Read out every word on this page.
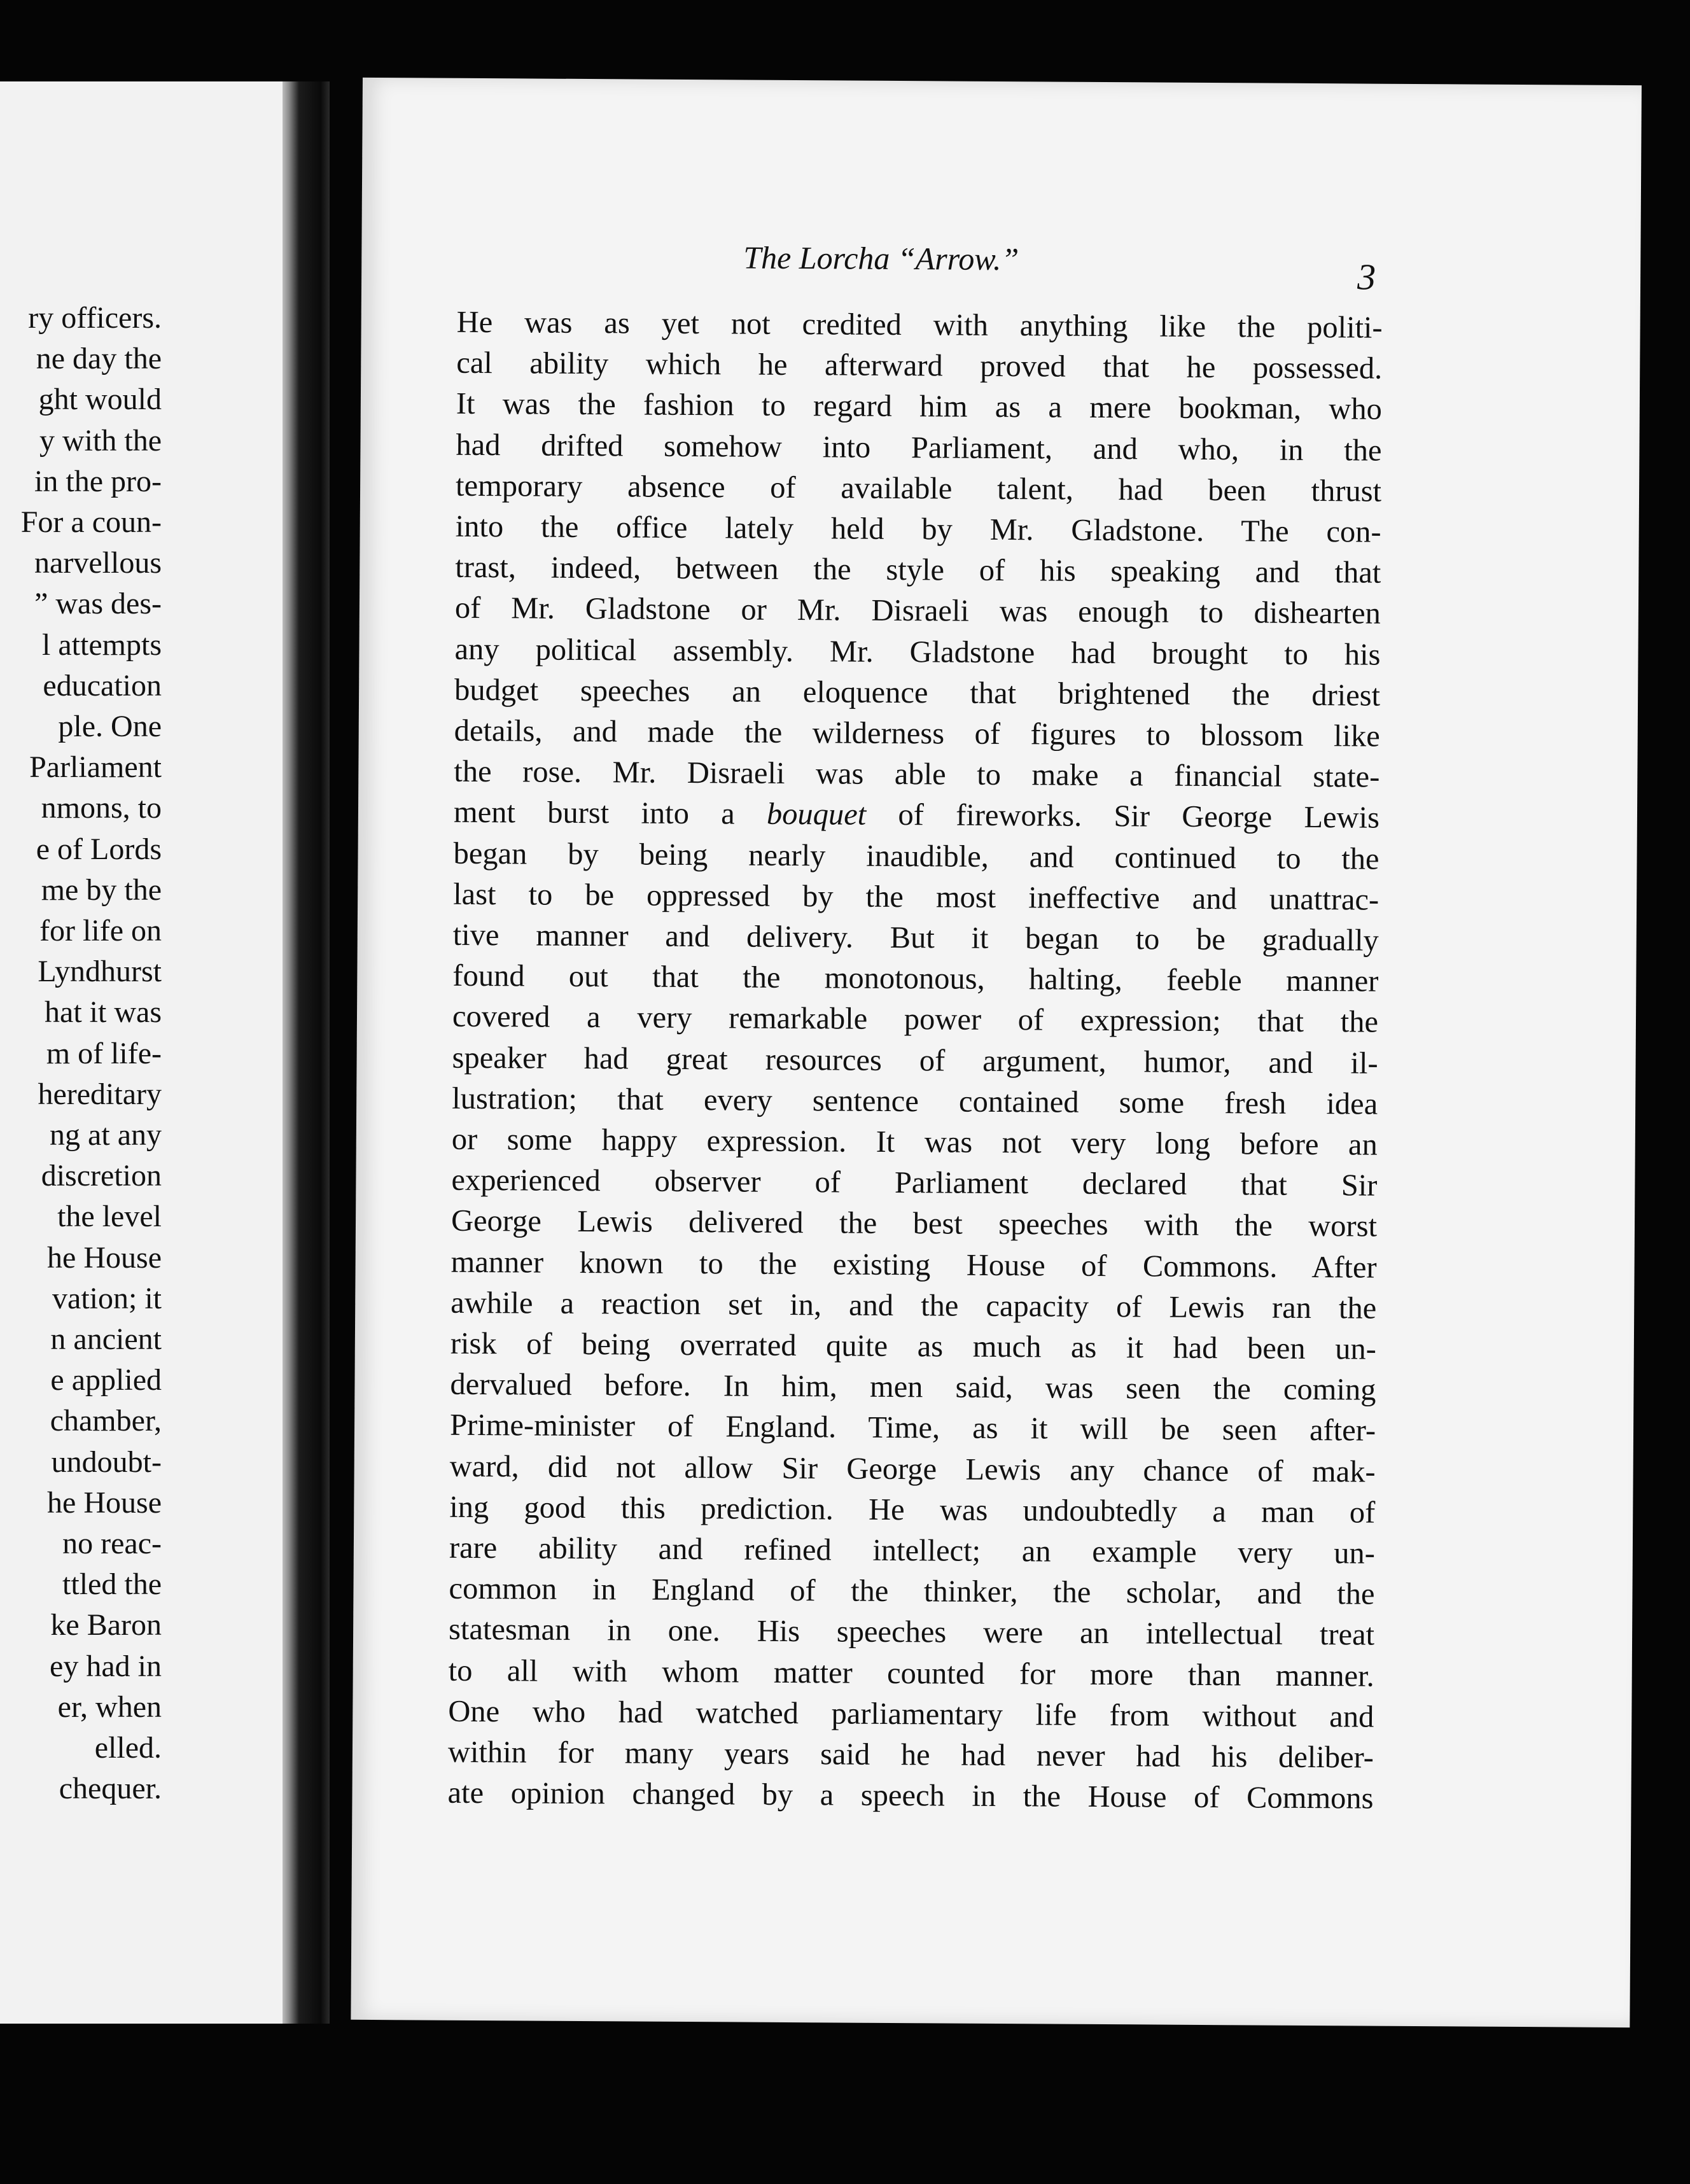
ry officers.
ne day the
ght would
y with the
in the pro-
For a coun-
narvellous
” was des-
l attempts
education
ple. One
Parliament
nmons, to
e of Lords
me by the
for life on
Lyndhurst
hat it was
m of life-
hereditary
ng at any
discretion
the level
he House
vation; it
n ancient
e applied
chamber,
undoubt-
he House
no reac-
ttled the
ke Baron
ey had in
er, when
elled.
chequer.
The Lorcha “Arrow.”	3
He was as yet not credited with anything like the politi-
cal ability which he afterward proved that he possessed.
It was the fashion to regard him as a mere bookman, who
had drifted somehow into Parliament, and who, in the
temporary absence of available talent, had been thrust
into the office lately held by Mr. Gladstone. The con-
trast, indeed, between the style of his speaking and that
of Mr. Gladstone or Mr. Disraeli was enough to dishearten
any political assembly. Mr. Gladstone had brought to his
budget speeches an eloquence that brightened the driest
details, and made the wilderness of figures to blossom like
the rose. Mr. Disraeli was able to make a financial state-
ment burst into a bouquet of fireworks. Sir George Lewis
began by being nearly inaudible, and continued to the
last to be oppressed by the most ineffective and unattrac-
tive manner and delivery. But it began to be gradually
found out that the monotonous, halting, feeble manner
covered a very remarkable power of expression; that the
speaker had great resources of argument, humor, and il-
lustration; that every sentence contained some fresh idea
or some happy expression. It was not very long before an
experienced observer of Parliament declared that Sir
George Lewis delivered the best speeches with the worst
manner known to the existing House of Commons. After
awhile a reaction set in, and the capacity of Lewis ran the
risk of being overrated quite as much as it had been un-
dervalued before. In him, men said, was seen the coming
Prime-minister of England. Time, as it will be seen after-
ward, did not allow Sir George Lewis any chance of mak-
ing good this prediction. He was undoubtedly a man of
rare ability and refined intellect; an example very un-
common in England of the thinker, the scholar, and the
statesman in one. His speeches were an intellectual treat
to all with whom matter counted for more than manner.
One who had watched parliamentary life from without and
within for many years said he had never had his deliber-
ate opinion changed by a speech in the House of Commons
